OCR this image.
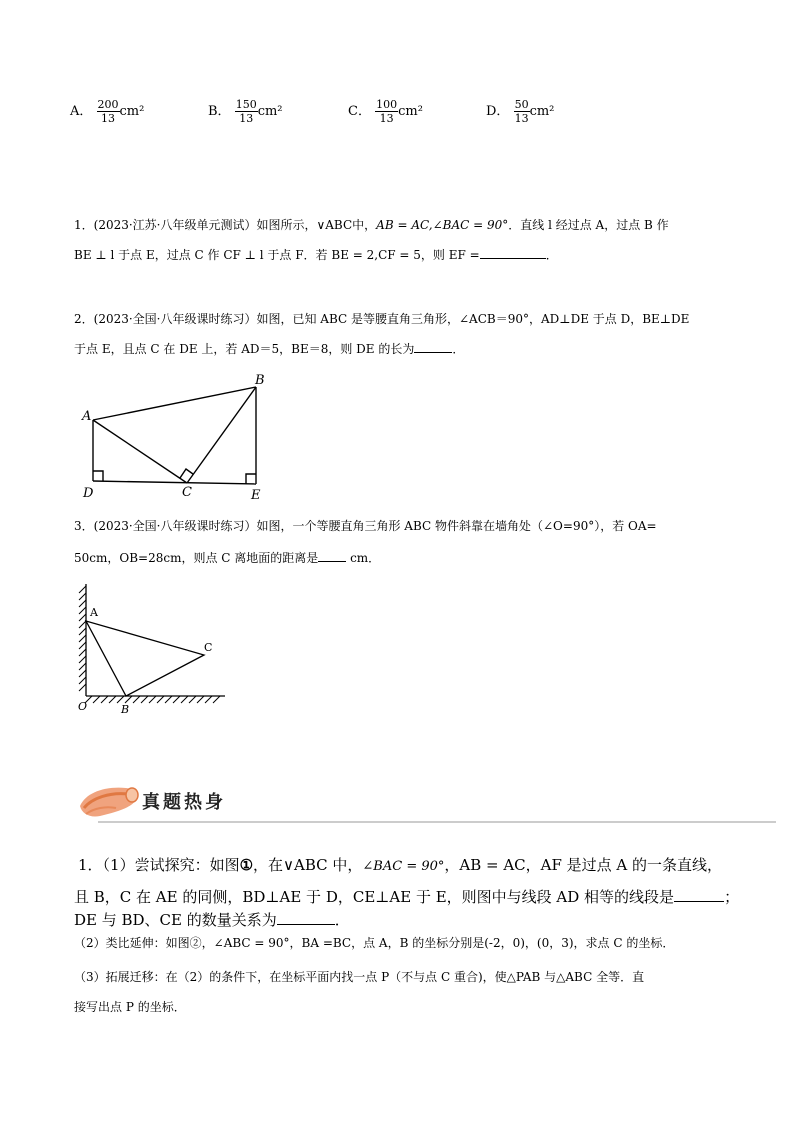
A． $\frac{200}{13} cm^2$	B． $\frac{150}{13} cm^2$	C． $\frac{100}{13} cm^2$	D． $\frac{50}{13} cm^2$
1．(2023·江苏·八年级单元测试）如图所示，∨ABC中，AB = AC,∠BAC = 90°．直线 l 经过点 A，过点 B 作
BE ⊥ l 于点 E，过点 C 作 CF ⊥ l 于点 F．若 BE = 2,CF = 5，则 EF =	．
2．(2023·全国·八年级课时练习）如图，已知 ABC 是等腰直角三角形，∠ACB＝90°，AD⊥DE 于点 D，BE⊥DE
于点 E，且点 C 在 DE 上，若 AD＝5，BE＝8，则 DE 的长为	．
A
B
C
D	E
3．(2023·全国·八年级课时练习）如图，一个等腰直角三角形 ABC 物件斜靠在墙角处（∠O=90°），若 OA=
50cm，OB=28cm，则点 C 离地面的距离是 cm．
A
C
B
O
真题热身
1．（1）尝试探究：如图①，在∨ABC 中，∠BAC = 90°，AB = AC，AF 是过点 A 的一条直线，
且 B，C 在 AE 的同侧，BD⊥AE 于 D，CE⊥AE 于 E，则图中与线段 AD 相等的线段是	；
DE 与 BD、CE 的数量关系为	．
（2）类比延伸：如图②，∠ABC = 90°，BA =BC，点 A，B 的坐标分别是(-2，0)，(0，3)，求点 C 的坐标．
（3）拓展迁移：在（2）的条件下，在坐标平面内找一点 P（不与点 C 重合)，使△PAB 与△ABC 全等．直
接写出点 P 的坐标．
